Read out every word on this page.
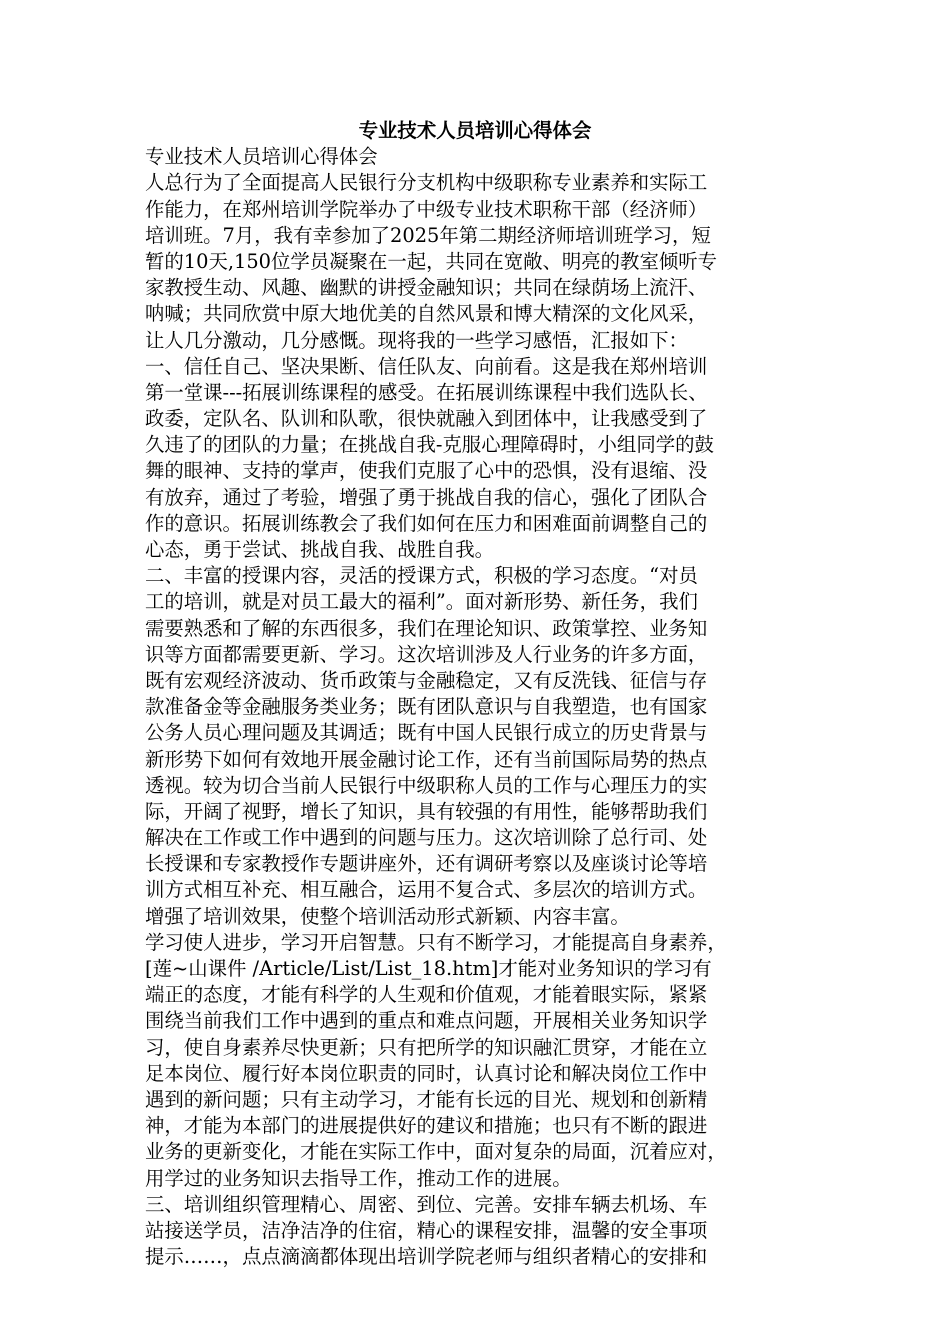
专业技术人员培训心得体会

专业技术人员培训心得体会

人总行为了全面提高人民银行分支机构中级职称专业素养和实际工

作能力，在郑州培训学院举办了中级专业技术职称干部（经济师）

培训班。7月，我有幸参加了2025年第二期经济师培训班学习，短

暂的10天,150位学员凝聚在一起，共同在宽敞、明亮的教室倾听专

家教授生动、风趣、幽默的讲授金融知识；共同在绿荫场上流汗、

呐喊；共同欣赏中原大地优美的自然风景和博大精深的文化风采，

让人几分激动，几分感慨。现将我的一些学习感悟，汇报如下：

一、信任自己、坚决果断、信任队友、向前看。这是我在郑州培训

第一堂课---拓展训练课程的感受。在拓展训练课程中我们选队长、

政委，定队名、队训和队歌，很快就融入到团体中，让我感受到了

久违了的团队的力量；在挑战自我-克服心理障碍时，小组同学的鼓

舞的眼神、支持的掌声，使我们克服了心中的恐惧，没有退缩、没

有放弃，通过了考验，增强了勇于挑战自我的信心，强化了团队合

作的意识。拓展训练教会了我们如何在压力和困难面前调整自己的

心态，勇于尝试、挑战自我、战胜自我。

二、丰富的授课内容，灵活的授课方式，积极的学习态度。“对员

工的培训，就是对员工最大的福利”。面对新形势、新任务，我们

需要熟悉和了解的东西很多，我们在理论知识、政策掌控、业务知

识等方面都需要更新、学习。这次培训涉及人行业务的许多方面，

既有宏观经济波动、货币政策与金融稳定，又有反洗钱、征信与存

款准备金等金融服务类业务；既有团队意识与自我塑造，也有国家

公务人员心理问题及其调适；既有中国人民银行成立的历史背景与

新形势下如何有效地开展金融讨论工作，还有当前国际局势的热点

透视。较为切合当前人民银行中级职称人员的工作与心理压力的实

际，开阔了视野，增长了知识，具有较强的有用性，能够帮助我们

解决在工作或工作中遇到的问题与压力。这次培训除了总行司、处

长授课和专家教授作专题讲座外，还有调研考察以及座谈讨论等培

训方式相互补充、相互融合，运用不复合式、多层次的培训方式。

增强了培训效果，使整个培训活动形式新颖、内容丰富。

学习使人进步，学习开启智慧。只有不断学习，才能提高自身素养，

[莲~山课件 /Article/List/List_18.htm]才能对业务知识的学习有

端正的态度，才能有科学的人生观和价值观，才能着眼实际，紧紧

围绕当前我们工作中遇到的重点和难点问题，开展相关业务知识学

习，使自身素养尽快更新；只有把所学的知识融汇贯穿，才能在立

足本岗位、履行好本岗位职责的同时，认真讨论和解决岗位工作中

遇到的新问题；只有主动学习，才能有长远的目光、规划和创新精

神，才能为本部门的进展提供好的建议和措施；也只有不断的跟进

业务的更新变化，才能在实际工作中，面对复杂的局面，沉着应对，

用学过的业务知识去指导工作，推动工作的进展。

三、培训组织管理精心、周密、到位、完善。安排车辆去机场、车

站接送学员，洁净洁净的住宿，精心的课程安排，温馨的安全事项

提示……，点点滴滴都体现出培训学院老师与组织者精心的安排和
